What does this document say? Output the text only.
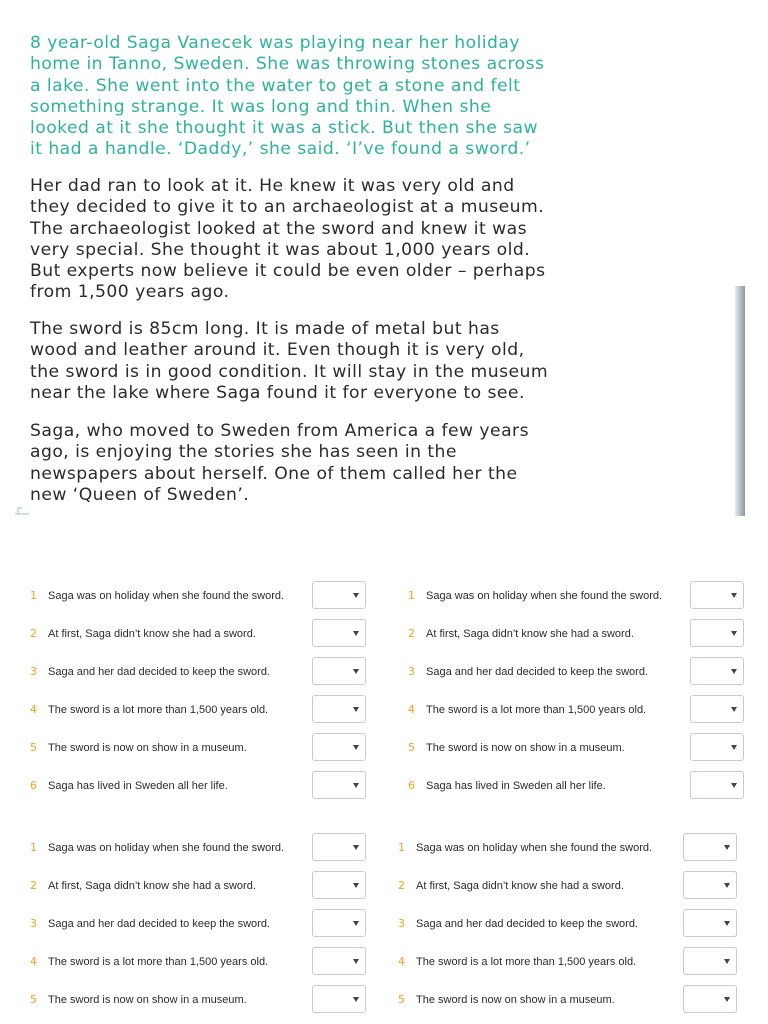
8 year-old Saga Vanecek was playing near her holiday
home in Tanno, Sweden. She was throwing stones across
a lake. She went into the water to get a stone and felt
something strange. It was long and thin. When she
looked at it she thought it was a stick. But then she saw
it had a handle. ‘Daddy,’ she said. ‘I’ve found a sword.’

Her dad ran to look at it. He knew it was very old and
they decided to give it to an archaeologist at a museum.
The archaeologist looked at the sword and knew it was
very special. She thought it was about 1,000 years old.
But experts now believe it could be even older – perhaps
from 1,500 years ago.

The sword is 85cm long. It is made of metal but has
wood and leather around it. Even though it is very old,
the sword is in good condition. It will stay in the museum
near the lake where Saga found it for everyone to see.

Saga, who moved to Sweden from America a few years
ago, is enjoying the stories she has seen in the
newspapers about herself. One of them called her the
new ‘Queen of Sweden’.

1 Saga was on holiday when she found the sword.
2 At first, Saga didn’t know she had a sword.
3 Saga and her dad decided to keep the sword.
4 The sword is a lot more than 1,500 years old.
5 The sword is now on show in a museum.
6 Saga has lived in Sweden all her life.
1 Saga was on holiday when she found the sword.
2 At first, Saga didn’t know she had a sword.
3 Saga and her dad decided to keep the sword.
4 The sword is a lot more than 1,500 years old.
5 The sword is now on show in a museum.
6 Saga has lived in Sweden all her life.
1 Saga was on holiday when she found the sword.
2 At first, Saga didn’t know she had a sword.
3 Saga and her dad decided to keep the sword.
4 The sword is a lot more than 1,500 years old.
5 The sword is now on show in a museum.
1 Saga was on holiday when she found the sword.
2 At first, Saga didn’t know she had a sword.
3 Saga and her dad decided to keep the sword.
4 The sword is a lot more than 1,500 years old.
5 The sword is now on show in a museum.
